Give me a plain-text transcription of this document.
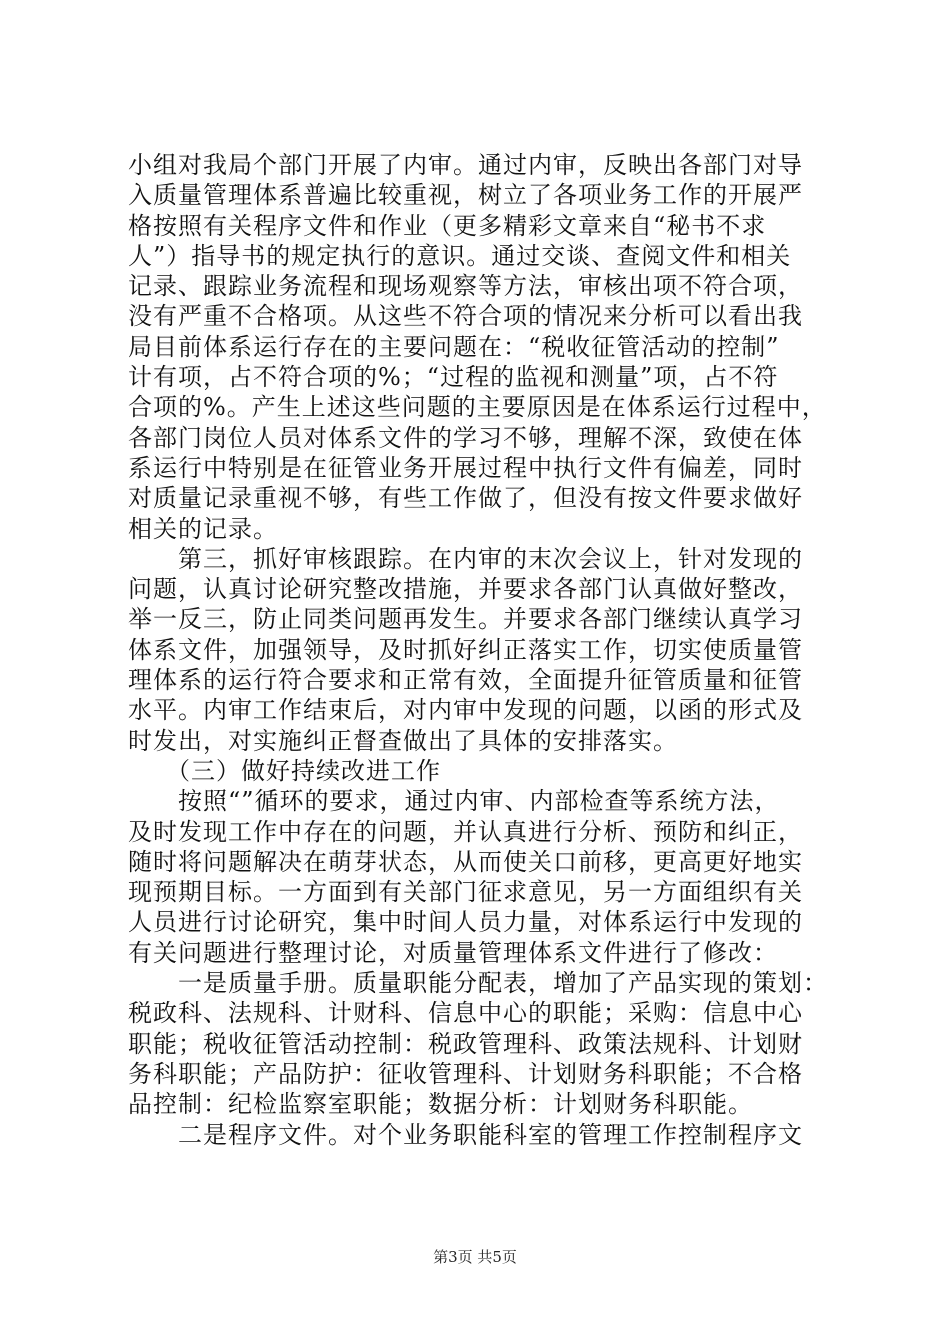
小组对我局个部门开展了内审。通过内审，反映出各部门对导
入质量管理体系普遍比较重视，树立了各项业务工作的开展严
格按照有关程序文件和作业（更多精彩文章来自“秘书不求
人”）指导书的规定执行的意识。通过交谈、查阅文件和相关
记录、跟踪业务流程和现场观察等方法，审核出项不符合项，
没有严重不合格项。从这些不符合项的情况来分析可以看出我
局目前体系运行存在的主要问题在：“税收征管活动的控制”
计有项，占不符合项的%；“过程的监视和测量”项，占不符
合项的%。产生上述这些问题的主要原因是在体系运行过程中，
各部门岗位人员对体系文件的学习不够，理解不深，致使在体
系运行中特别是在征管业务开展过程中执行文件有偏差，同时
对质量记录重视不够，有些工作做了，但没有按文件要求做好
相关的记录。
　　第三，抓好审核跟踪。在内审的末次会议上，针对发现的
问题，认真讨论研究整改措施，并要求各部门认真做好整改，
举一反三，防止同类问题再发生。并要求各部门继续认真学习
体系文件，加强领导，及时抓好纠正落实工作，切实使质量管
理体系的运行符合要求和正常有效，全面提升征管质量和征管
水平。内审工作结束后，对内审中发现的问题，以函的形式及
时发出，对实施纠正督查做出了具体的安排落实。
　　（三）做好持续改进工作
　　按照“”循环的要求，通过内审、内部检查等系统方法，
及时发现工作中存在的问题，并认真进行分析、预防和纠正，
随时将问题解决在萌芽状态，从而使关口前移，更高更好地实
现预期目标。一方面到有关部门征求意见，另一方面组织有关
人员进行讨论研究，集中时间人员力量，对体系运行中发现的
有关问题进行整理讨论，对质量管理体系文件进行了修改：
　　一是质量手册。质量职能分配表，增加了产品实现的策划：
税政科、法规科、计财科、信息中心的职能；采购：信息中心
职能；税收征管活动控制：税政管理科、政策法规科、计划财
务科职能；产品防护：征收管理科、计划财务科职能；不合格
品控制：纪检监察室职能；数据分析：计划财务科职能。
　　二是程序文件。对个业务职能科室的管理工作控制程序文
第3页 共5页
